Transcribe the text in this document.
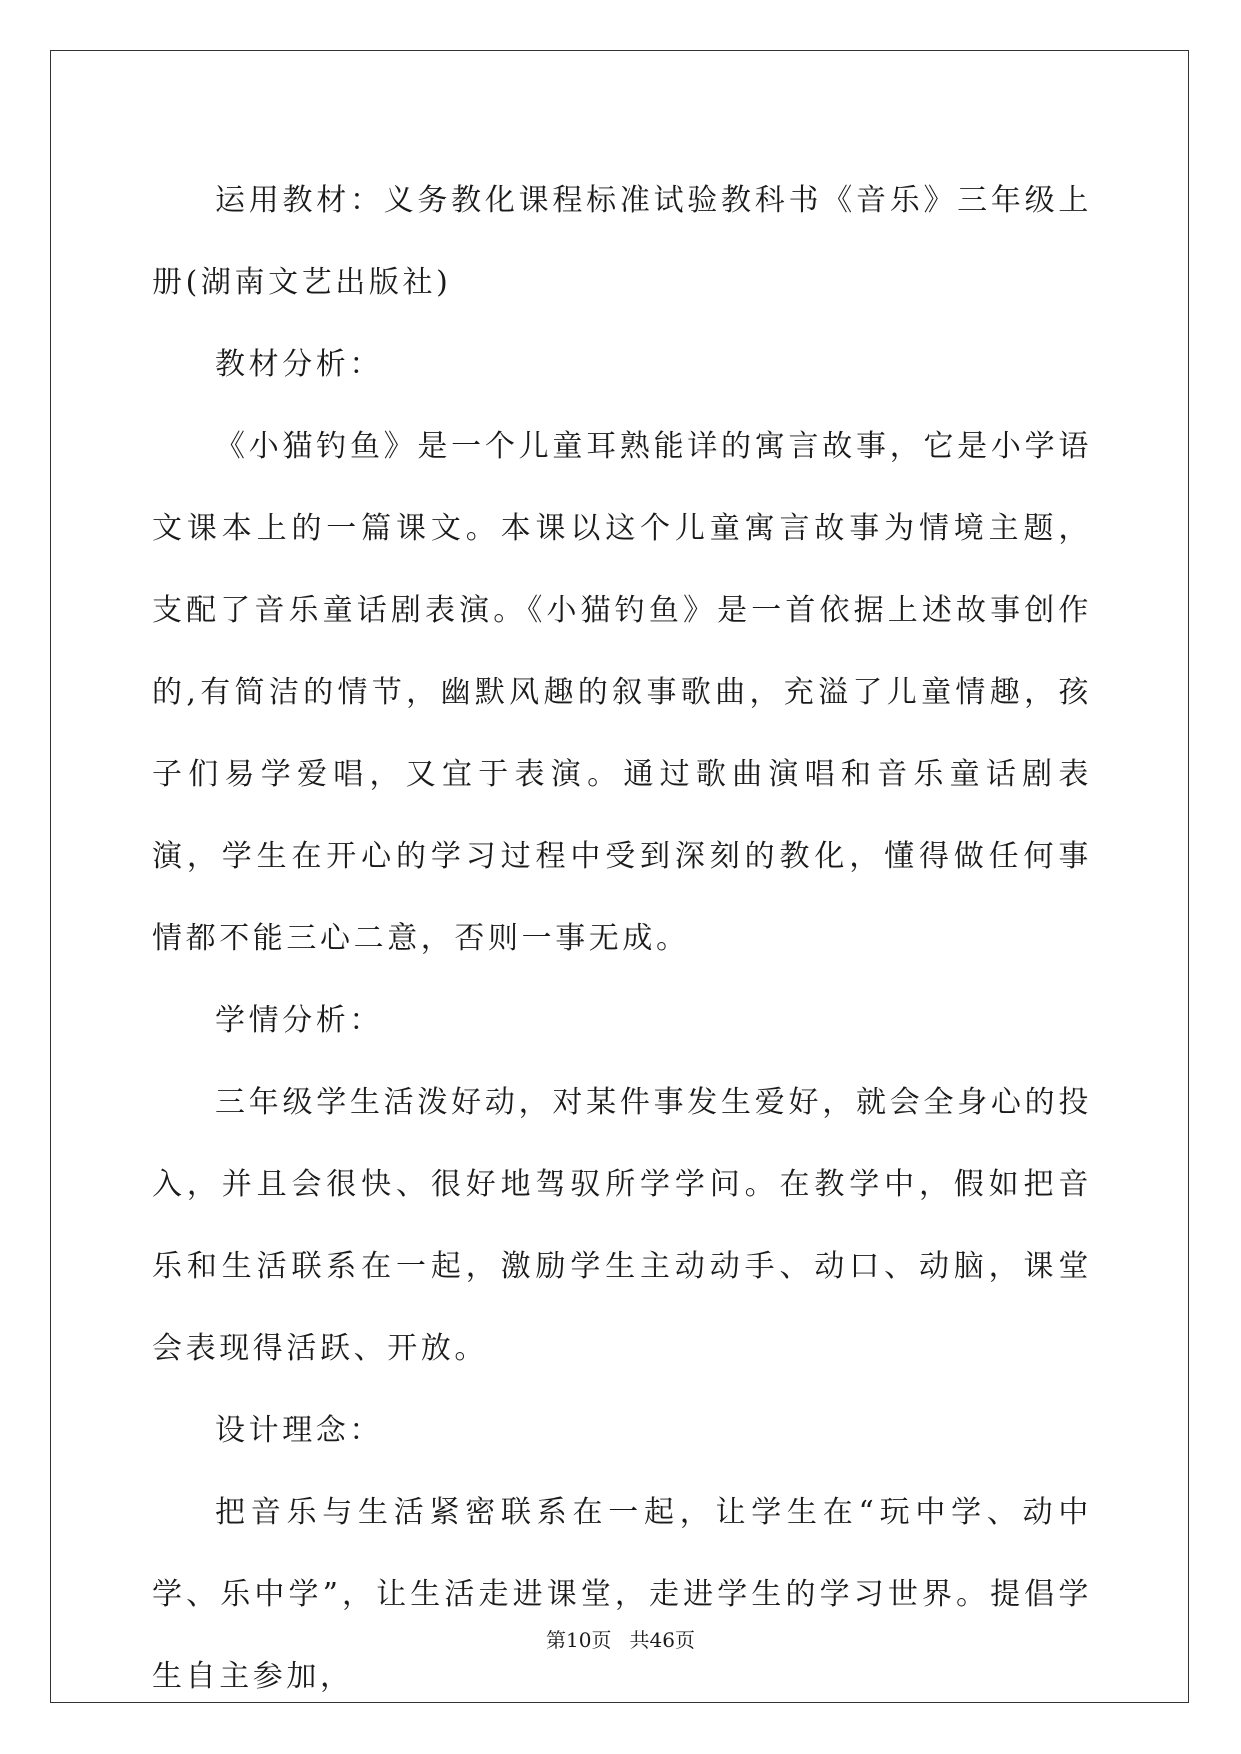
运用教材：义务教化课程标准试验教科书《音乐》三年级上册(湖南文艺出版社)

教材分析：

《小猫钓鱼》是一个儿童耳熟能详的寓言故事，它是小学语文课本上的一篇课文。本课以这个儿童寓言故事为情境主题，支配了音乐童话剧表演。《小猫钓鱼》是一首依据上述故事创作的,有简洁的情节，幽默风趣的叙事歌曲，充溢了儿童情趣，孩子们易学爱唱，又宜于表演。通过歌曲演唱和音乐童话剧表演，学生在开心的学习过程中受到深刻的教化，懂得做任何事情都不能三心二意，否则一事无成。

学情分析：

三年级学生活泼好动，对某件事发生爱好，就会全身心的投入，并且会很快、很好地驾驭所学学问。在教学中，假如把音乐和生活联系在一起，激励学生主动动手、动口、动脑，课堂会表现得活跃、开放。

设计理念：

把音乐与生活紧密联系在一起，让学生在“玩中学、动中学、乐中学”，让生活走进课堂，走进学生的学习世界。提倡学生自主参加，

第10页 共46页
